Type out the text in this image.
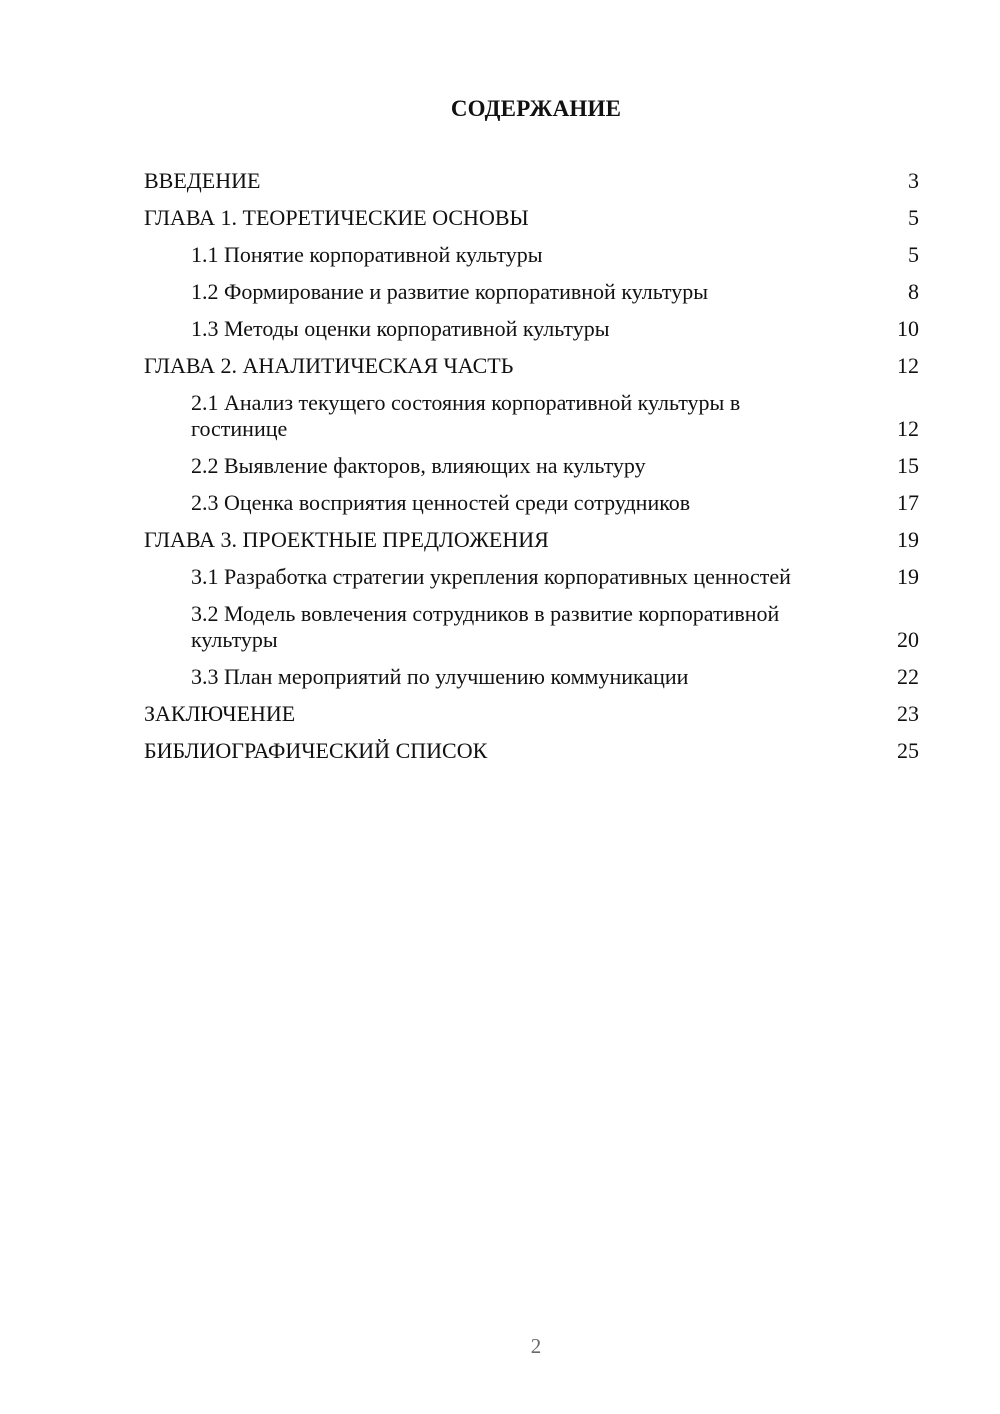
СОДЕРЖАНИЕ
ВВЕДЕНИЕ	3
ГЛАВА 1. ТЕОРЕТИЧЕСКИЕ ОСНОВЫ	5
1.1 Понятие корпоративной культуры	5
1.2 Формирование и развитие корпоративной культуры	8
1.3 Методы оценки корпоративной культуры	10
ГЛАВА 2. АНАЛИТИЧЕСКАЯ ЧАСТЬ	12
2.1 Анализ текущего состояния корпоративной культуры в гостинице	12
2.2 Выявление факторов, влияющих на культуру	15
2.3 Оценка восприятия ценностей среди сотрудников	17
ГЛАВА 3. ПРОЕКТНЫЕ ПРЕДЛОЖЕНИЯ	19
3.1 Разработка стратегии укрепления корпоративных ценностей	19
3.2 Модель вовлечения сотрудников в развитие корпоративной культуры	20
3.3 План мероприятий по улучшению коммуникации	22
ЗАКЛЮЧЕНИЕ	23
БИБЛИОГРАФИЧЕСКИЙ СПИСОК	25
2
